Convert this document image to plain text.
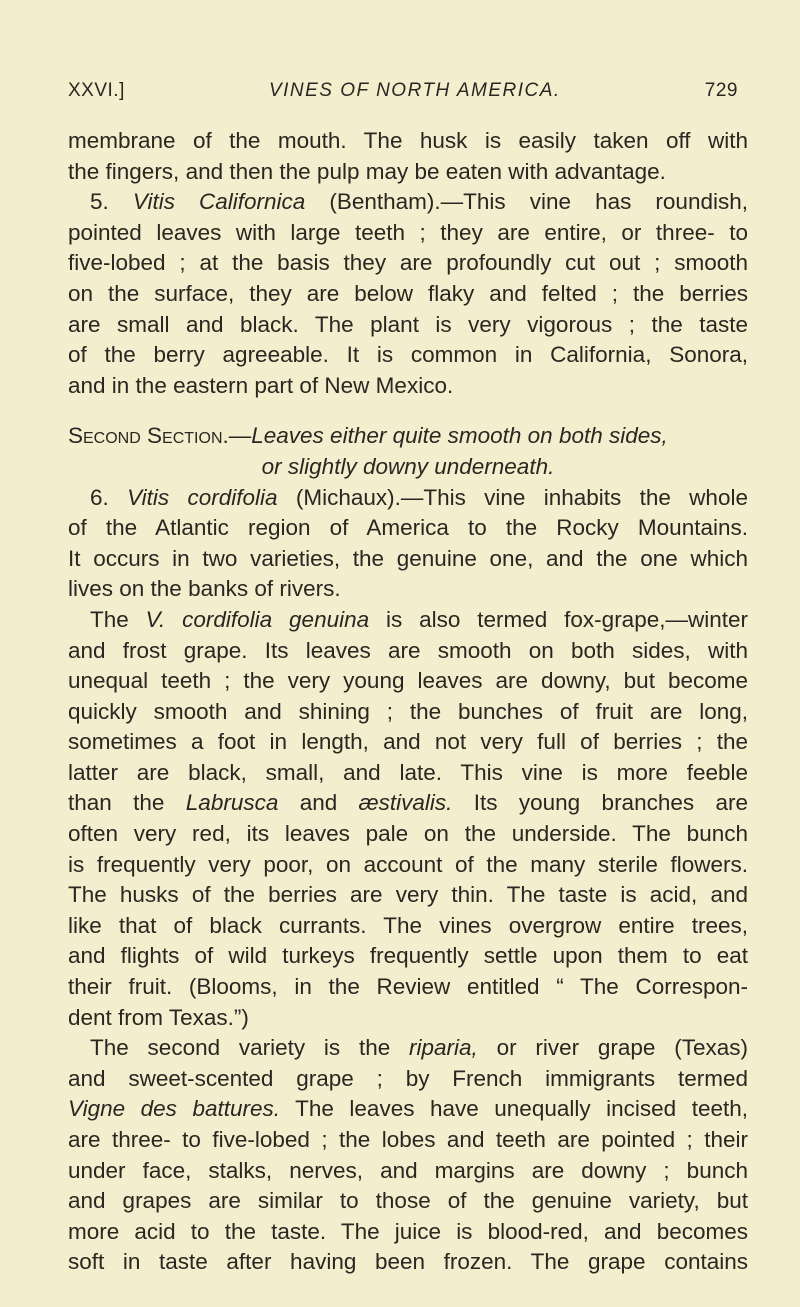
XXVI.]	VINES OF NORTH AMERICA.	729
membrane of the mouth. The husk is easily taken off with
the fingers, and then the pulp may be eaten with advantage.
5. Vitis Californica (Bentham).—This vine has roundish,
pointed leaves with large teeth ; they are entire, or three- to
five-lobed ; at the basis they are profoundly cut out ; smooth
on the surface, they are below flaky and felted ; the berries
are small and black. The plant is very vigorous ; the taste
of the berry agreeable. It is common in California, Sonora,
and in the eastern part of New Mexico.
Second Section.—Leaves either quite smooth on both sides,
or slightly downy underneath.
6. Vitis cordifolia (Michaux).—This vine inhabits the whole
of the Atlantic region of America to the Rocky Mountains.
It occurs in two varieties, the genuine one, and the one which
lives on the banks of rivers.
The V. cordifolia genuina is also termed fox-grape,—winter
and frost grape. Its leaves are smooth on both sides, with
unequal teeth ; the very young leaves are downy, but become
quickly smooth and shining ; the bunches of fruit are long,
sometimes a foot in length, and not very full of berries ; the
latter are black, small, and late. This vine is more feeble
than the Labrusca and æstivalis. Its young branches are
often very red, its leaves pale on the underside. The bunch
is frequently very poor, on account of the many sterile flowers.
The husks of the berries are very thin. The taste is acid, and
like that of black currants. The vines overgrow entire trees,
and flights of wild turkeys frequently settle upon them to eat
their fruit. (Blooms, in the Review entitled “ The Correspon-
dent from Texas.”)
The second variety is the riparia, or river grape (Texas)
and sweet-scented grape ; by French immigrants termed
Vigne des battures. The leaves have unequally incised teeth,
are three- to five-lobed ; the lobes and teeth are pointed ; their
under face, stalks, nerves, and margins are downy ; bunch
and grapes are similar to those of the genuine variety, but
more acid to the taste. The juice is blood-red, and becomes
soft in taste after having been frozen. The grape contains
